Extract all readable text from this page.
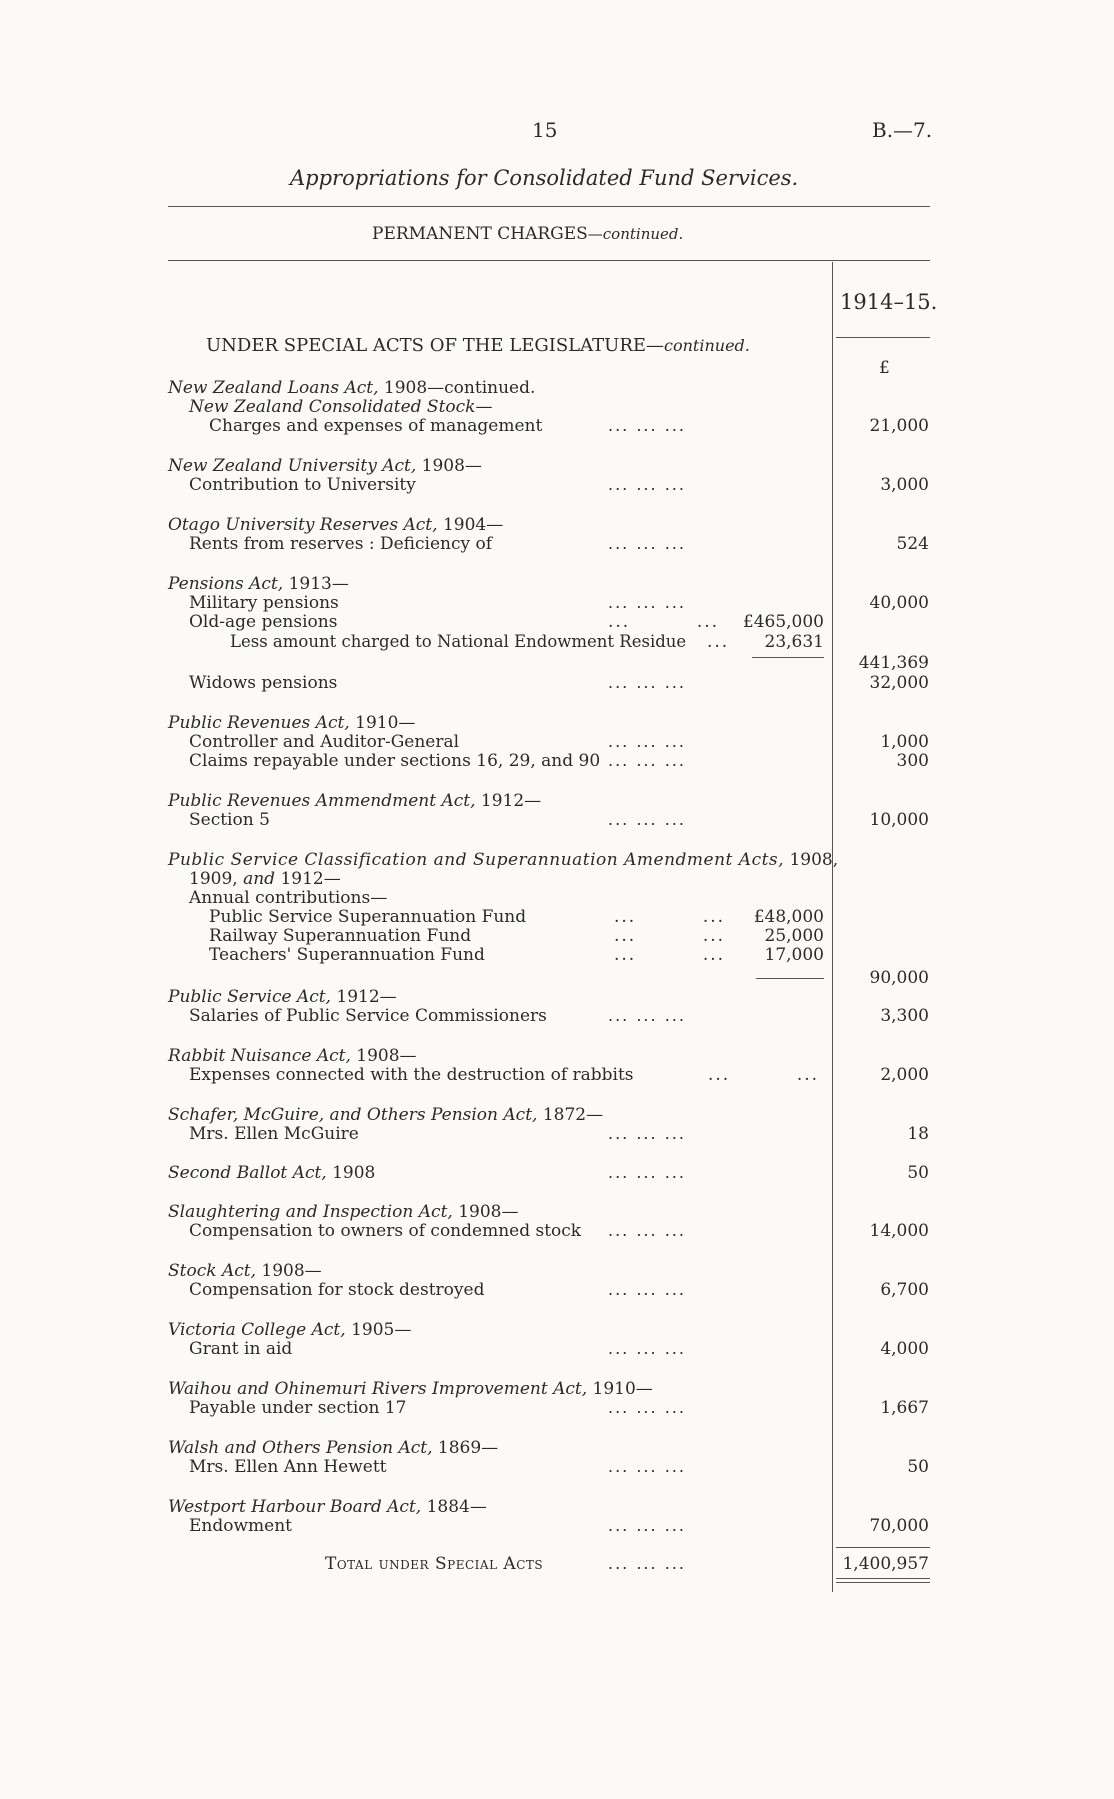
15	B.—7.
Appropriations for Consolidated Fund Services.
PERMANENT CHARGES—continued.
1914–15.
£
UNDER SPECIAL ACTS OF THE LEGISLATURE—continued.
New Zealand Loans Act, 1908—continued.
New Zealand Consolidated Stock—
Charges and expenses of management	... ... ...	21,000
New Zealand University Act, 1908—
Contribution to University	... ... ...	3,000
Otago University Reserves Act, 1904—
Rents from reserves : Deficiency of	... ... ...	524
Pensions Act, 1913—
Military pensions	... ... ...	40,000
Old-age pensions	...         ... £465,000
Less amount charged to National Endowment Residue ... 23,631
441,369
Widows pensions	... ... ...	32,000
Public Revenues Act, 1910—
Controller and Auditor-General	... ... ...	1,000
Claims repayable under sections 16, 29, and 90 ... ... ...	300
Public Revenues Ammendment Act, 1912—
Section 5	... ... ...	10,000
Public Service Classification and Superannuation Amendment Acts, 1908,
1909, and 1912—
Annual contributions—
Public Service Superannuation Fund	...         ... £48,000
Railway Superannuation Fund	...         ... 25,000
Teachers' Superannuation Fund	...         ... 17,000
90,000
Public Service Act, 1912—
Salaries of Public Service Commissioners	... ... ...	3,300
Rabbit Nuisance Act, 1908—
Expenses connected with the destruction of rabbits	...         ...	2,000
Schafer, McGuire, and Others Pension Act, 1872—
Mrs. Ellen McGuire	... ... ...	18
Second Ballot Act, 1908	... ... ...	50
Slaughtering and Inspection Act, 1908—
Compensation to owners of condemned stock ... ... ...	14,000
Stock Act, 1908—
Compensation for stock destroyed	... ... ...	6,700
Victoria College Act, 1905—
Grant in aid	... ... ...	4,000
Waihou and Ohinemuri Rivers Improvement Act, 1910—
Payable under section 17	... ... ...	1,667
Walsh and Others Pension Act, 1869—
Mrs. Ellen Ann Hewett	... ... ...	50
Westport Harbour Board Act, 1884—
Endowment	... ... ...	70,000
Total under Special Acts	... ... ...	1,400,957
